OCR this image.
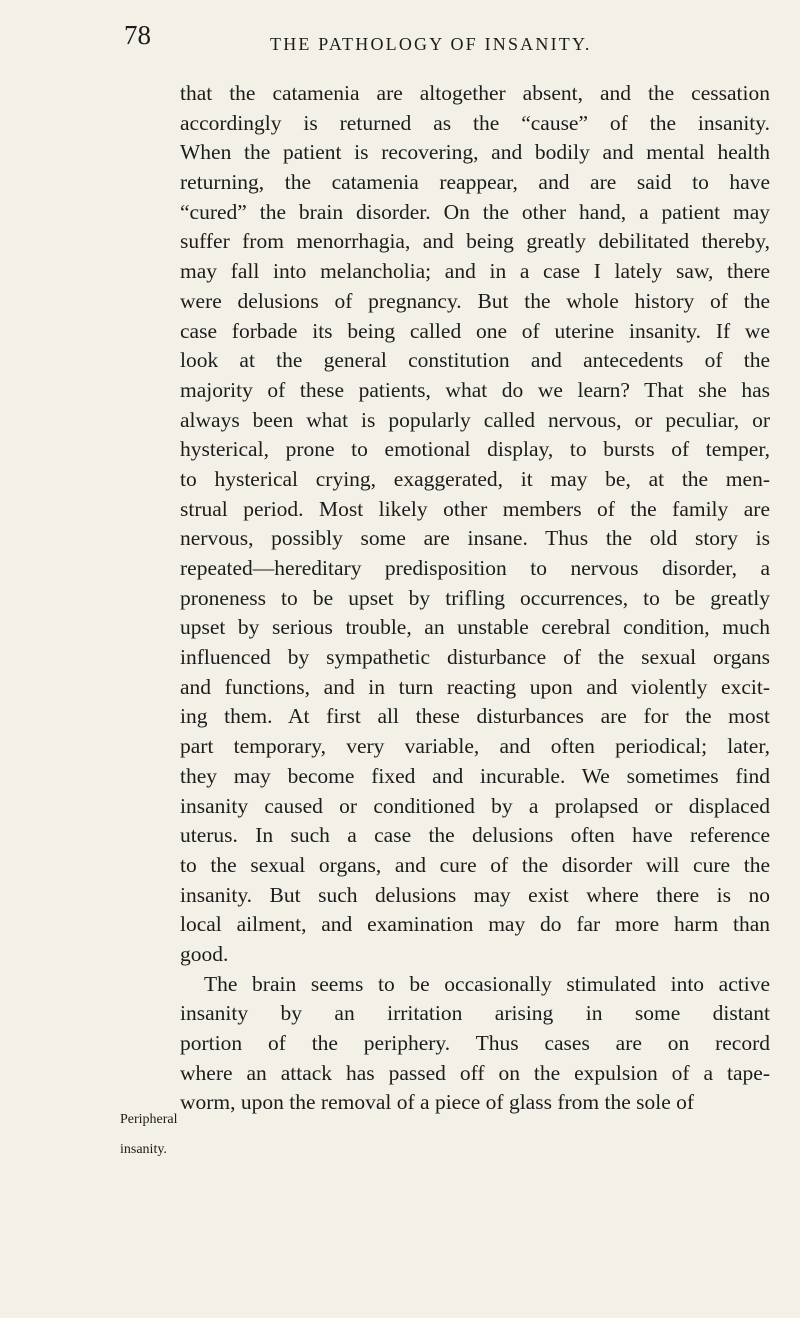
78	THE PATHOLOGY OF INSANITY.
that the catamenia are altogether absent, and the cessation
accordingly is returned as the “cause” of the insanity.
When the patient is recovering, and bodily and mental health
returning, the catamenia reappear, and are said to have
“cured” the brain disorder. On the other hand, a patient may
suffer from menorrhagia, and being greatly debilitated thereby,
may fall into melancholia; and in a case I lately saw, there
were delusions of pregnancy. But the whole history of the
case forbade its being called one of uterine insanity. If we
look at the general constitution and antecedents of the
majority of these patients, what do we learn? That she has
always been what is popularly called nervous, or peculiar, or
hysterical, prone to emotional display, to bursts of temper,
to hysterical crying, exaggerated, it may be, at the men-
strual period. Most likely other members of the family are
nervous, possibly some are insane. Thus the old story is
repeated—hereditary predisposition to nervous disorder, a
proneness to be upset by trifling occurrences, to be greatly
upset by serious trouble, an unstable cerebral condition, much
influenced by sympathetic disturbance of the sexual organs
and functions, and in turn reacting upon and violently excit-
ing them. At first all these disturbances are for the most
part temporary, very variable, and often periodical; later,
they may become fixed and incurable. We sometimes find
insanity caused or conditioned by a prolapsed or displaced
uterus. In such a case the delusions often have reference
to the sexual organs, and cure of the disorder will cure the
insanity. But such delusions may exist where there is no
local ailment, and examination may do far more harm than
good.
The brain seems to be occasionally stimulated into active
insanity by an irritation arising in some distant
portion of the periphery. Thus cases are on record
where an attack has passed off on the expulsion of a tape-
worm, upon the removal of a piece of glass from the sole of
Peripheral
insanity.
